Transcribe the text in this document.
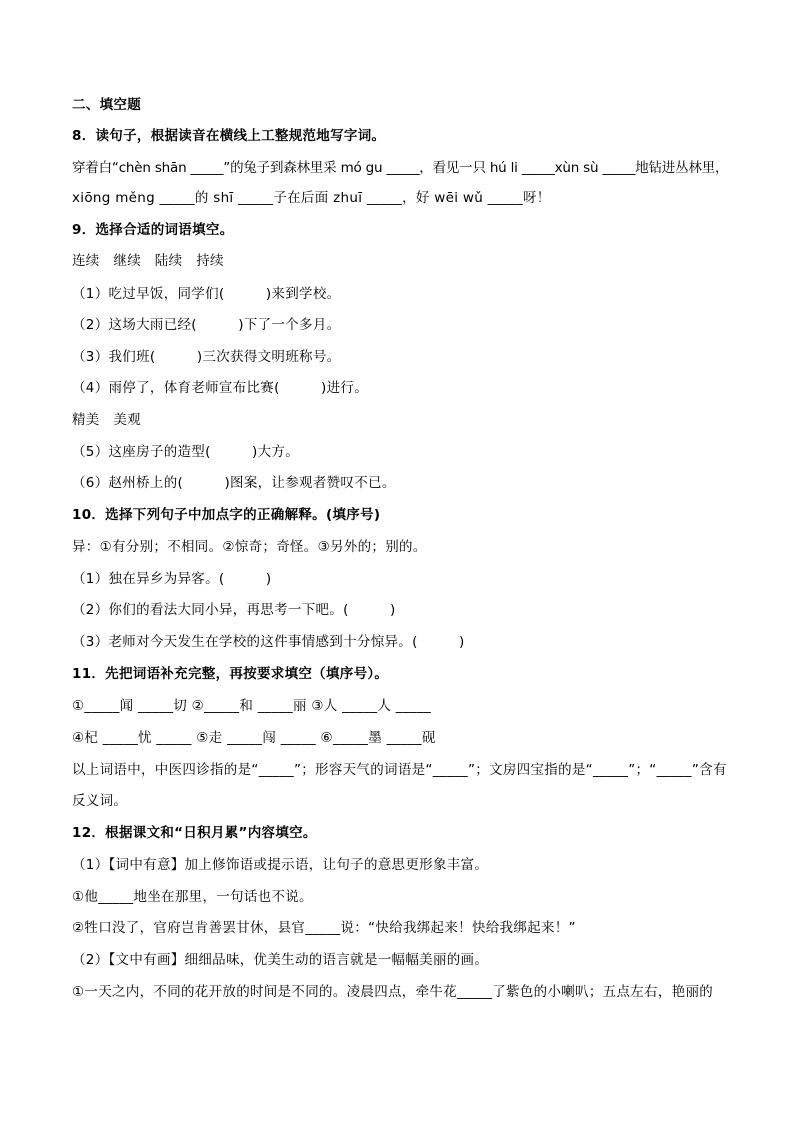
二、填空题
8．读句子，根据读音在横线上工整规范地写字词。
穿着白“chèn shān _____”的兔子到森林里采 mó gu _____，看见一只 hú li _____xùn sù _____地钻进丛林里，
xiōng měng _____的 shī _____子在后面 zhuī _____，好 wēi wǔ _____呀！
9．选择合适的词语填空。
连续　继续　陆续　持续
（1）吃过早饭，同学们(　　　)来到学校。
（2）这场大雨已经(　　　)下了一个多月。
（3）我们班(　　　)三次获得文明班称号。
（4）雨停了，体育老师宣布比赛(　　　)进行。
精美　美观
（5）这座房子的造型(　　　)大方。
（6）赵州桥上的(　　　)图案，让参观者赞叹不已。
10．选择下列句子中加点字的正确解释。(填序号)
异：①有分别；不相同。②惊奇；奇怪。③另外的；别的。
（1）独在异乡为异客。(　　　)
（2）你们的看法大同小异，再思考一下吧。(　　　)
（3）老师对今天发生在学校的这件事情感到十分惊异。(　　　)
11．先把词语补充完整，再按要求填空（填序号）。
①_____闻 _____切 ②_____和 _____丽 ③人 _____人 _____
④杞 _____忧 _____ ⑤走 _____闯 _____ ⑥_____墨 _____砚
以上词语中，中医四诊指的是“_____”；形容天气的词语是“_____”；文房四宝指的是“_____”；“_____”含有
反义词。
12．根据课文和“日积月累”内容填空。
（1）【词中有意】加上修饰语或提示语，让句子的意思更形象丰富。
①他_____地坐在那里，一句话也不说。
②牲口没了，官府岂肯善罢甘休，县官_____说：“快给我绑起来！快给我绑起来！”
（2）【文中有画】细细品味，优美生动的语言就是一幅幅美丽的画。
①一天之内，不同的花开放的时间是不同的。凌晨四点，牵牛花_____了紫色的小喇叭；五点左右，艳丽的
